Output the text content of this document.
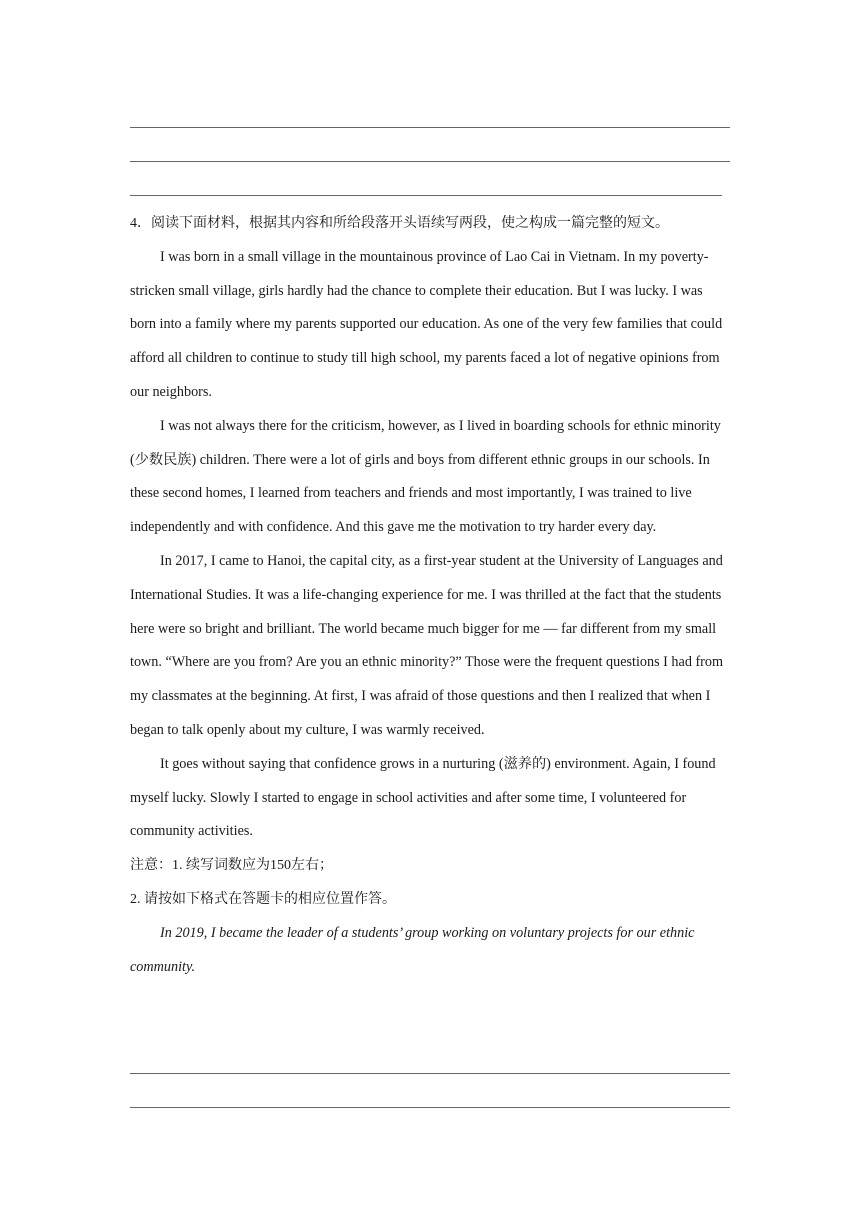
4．阅读下面材料，根据其内容和所给段落开头语续写两段，使之构成一篇完整的短文。

I was born in a small village in the mountainous province of Lao Cai in Vietnam. In my poverty-stricken small village, girls hardly had the chance to complete their education. But I was lucky. I was born into a family where my parents supported our education. As one of the very few families that could afford all children to continue to study till high school, my parents faced a lot of negative opinions from our neighbors.

I was not always there for the criticism, however, as I lived in boarding schools for ethnic minority (少数民族) children. There were a lot of girls and boys from different ethnic groups in our schools. In these second homes, I learned from teachers and friends and most importantly, I was trained to live independently and with confidence. And this gave me the motivation to try harder every day.

In 2017, I came to Hanoi, the capital city, as a first-year student at the University of Languages and International Studies. It was a life-changing experience for me. I was thrilled at the fact that the students here were so bright and brilliant. The world became much bigger for me — far different from my small town. “Where are you from? Are you an ethnic minority?” Those were the frequent questions I had from my classmates at the beginning. At first, I was afraid of those questions and then I realized that when I began to talk openly about my culture, I was warmly received.

It goes without saying that confidence grows in a nurturing (滋养的) environment. Again, I found myself lucky. Slowly I started to engage in school activities and after some time, I volunteered for community activities.

注意：1. 续写词数应为150左右；

2. 请按如下格式在答题卡的相应位置作答。

In 2019, I became the leader of a students’ group working on voluntary projects for our ethnic community.
